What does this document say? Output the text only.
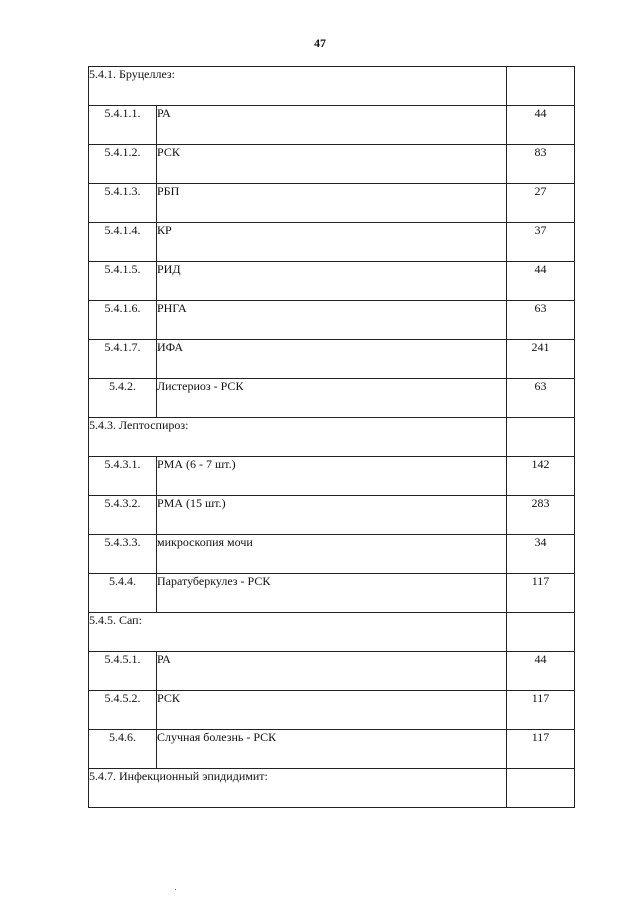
47
5.4.1. Бруцеллез:		
5.4.1.1.	РА	44
5.4.1.2.	РСК	83
5.4.1.3.	РБП	27
5.4.1.4.	КР	37
5.4.1.5.	РИД	44
5.4.1.6.	РНГА	63
5.4.1.7.	ИФА	241
5.4.2.	Листериоз - РСК	63
5.4.3. Лептоспироз:		
5.4.3.1.	РМА (6 - 7 шт.)	142
5.4.3.2.	РМА (15 шт.)	283
5.4.3.3.	микроскопия мочи	34
5.4.4.	Паратуберкулез - РСК	117
5.4.5. Сап:		
5.4.5.1.	РА	44
5.4.5.2.	РСК	117
5.4.6.	Случная болезнь - РСК	117
5.4.7. Инфекционный эпидидимит:		
